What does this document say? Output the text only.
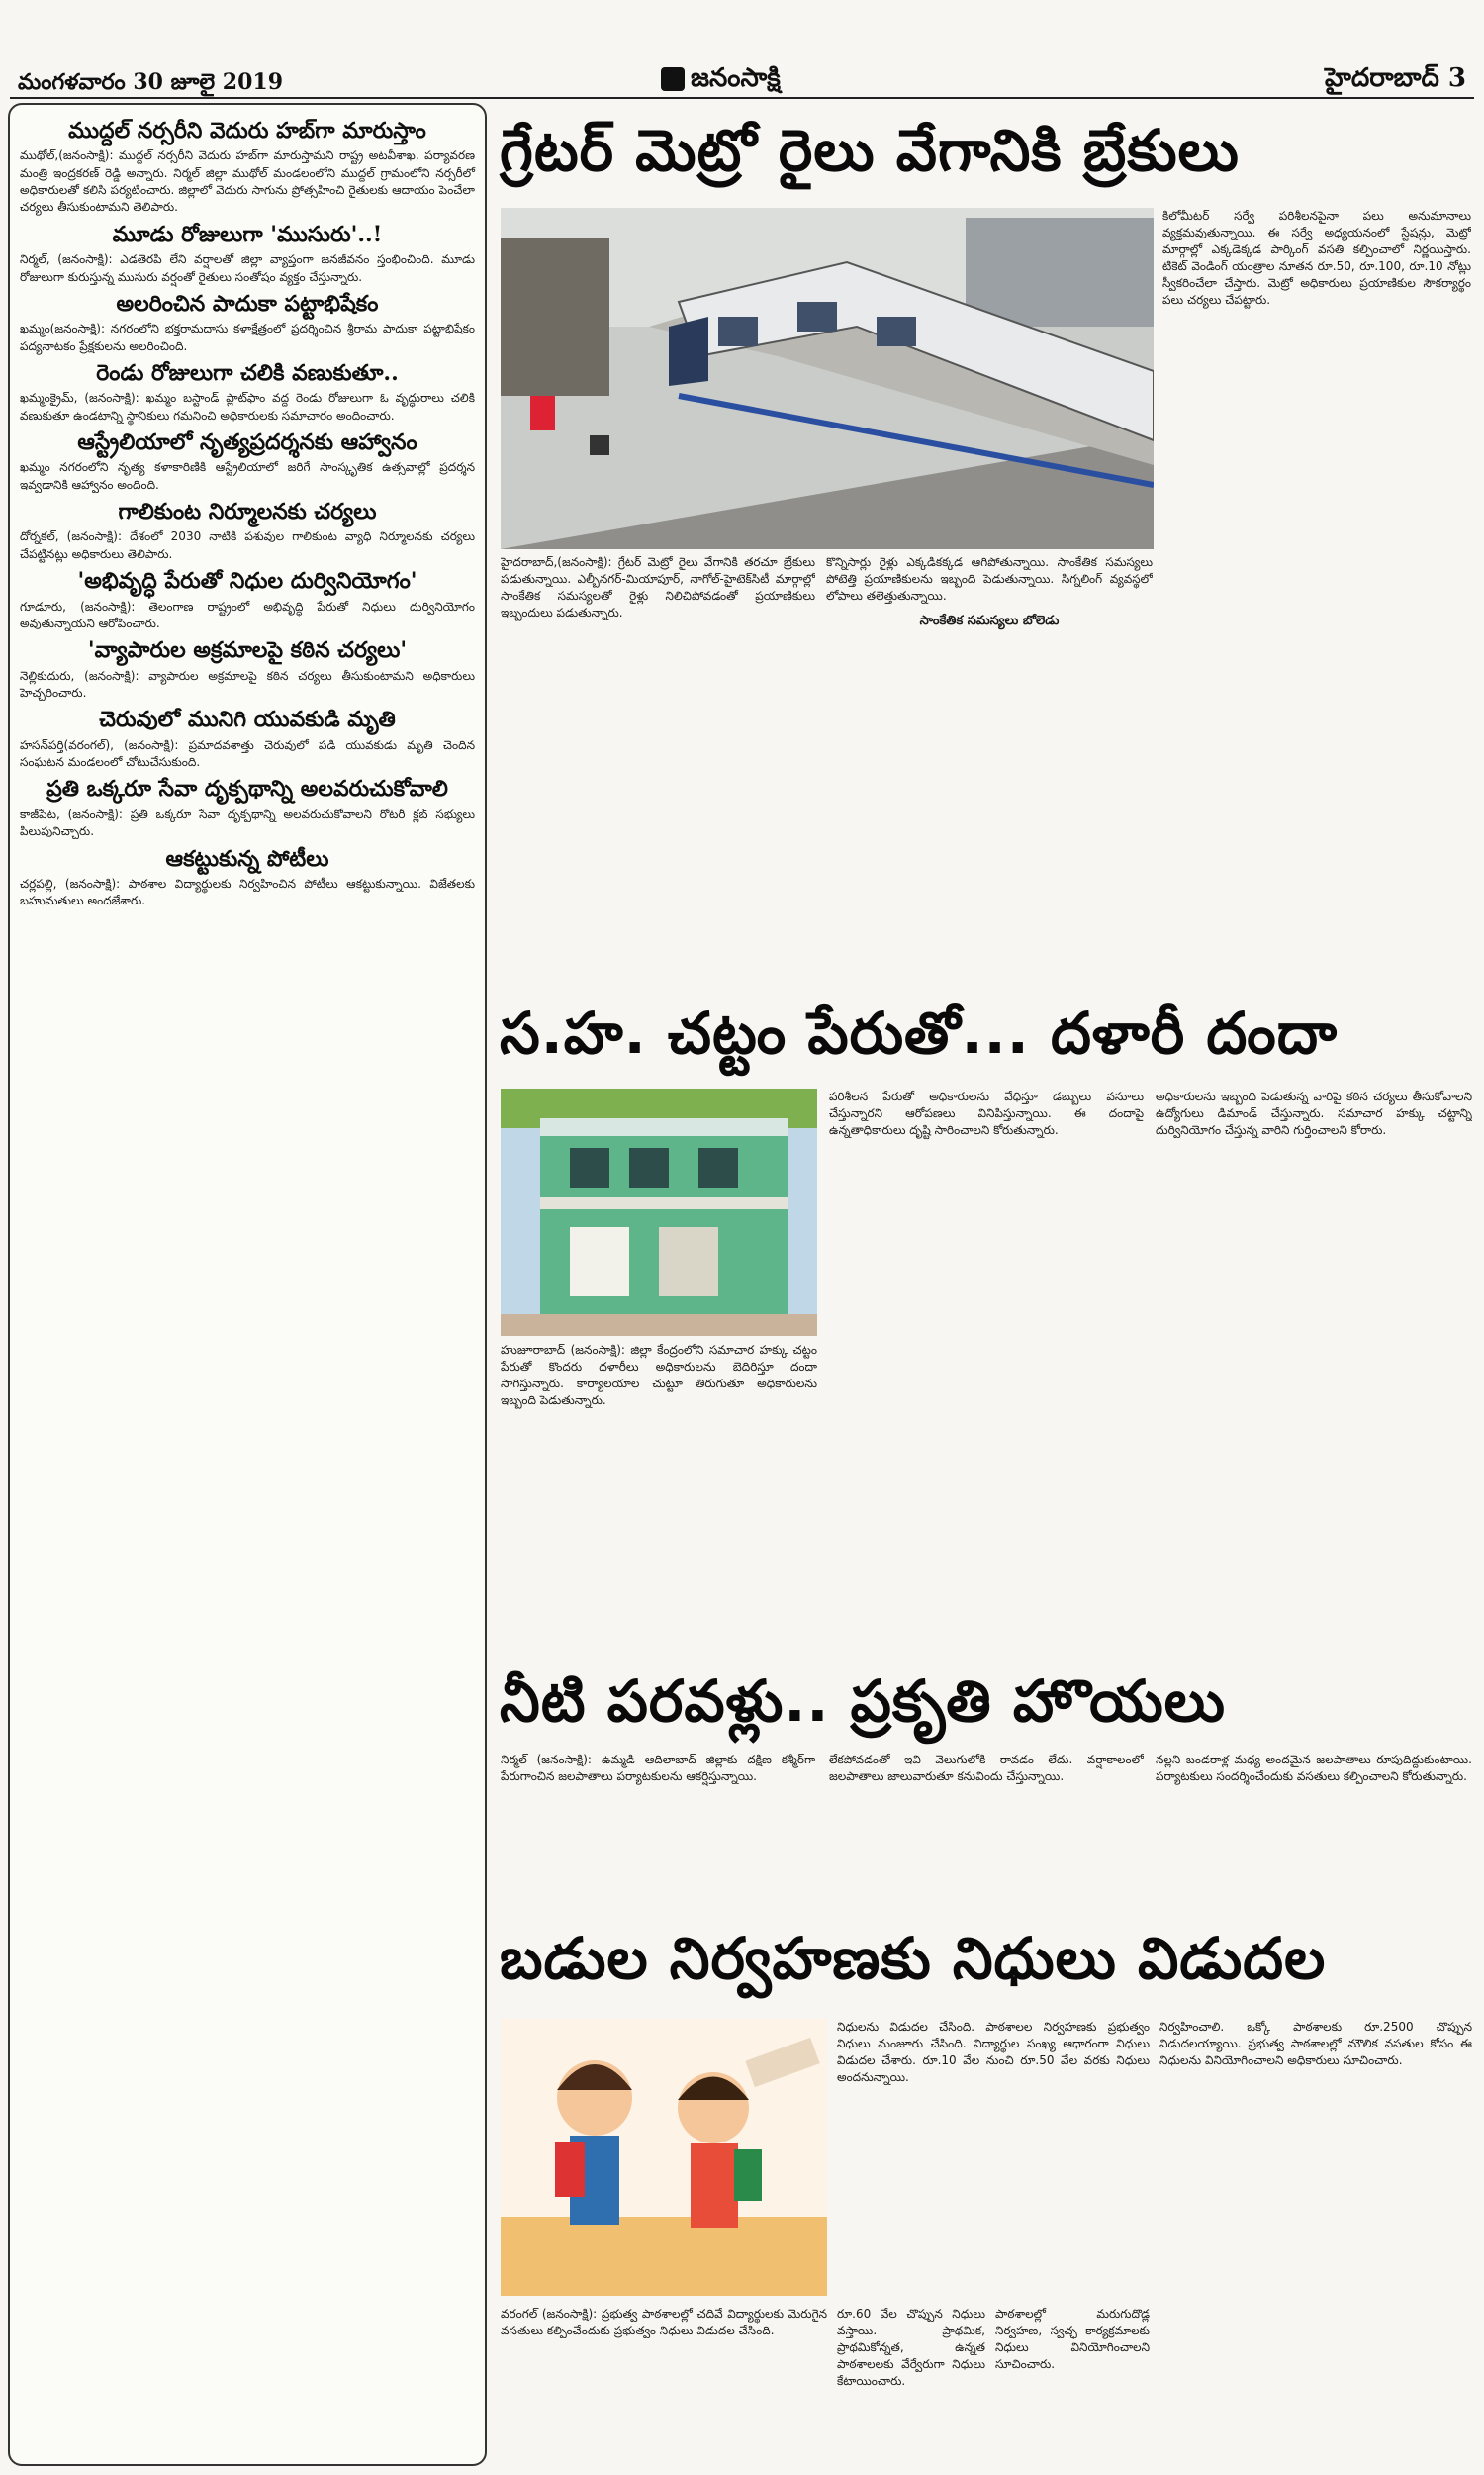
మంగళవారం 30 జూలై 2019	జనంసాక్షి	హైదరాబాద్ 3
ముద్దల్ నర్సరీని వెదురు హబ్‌గా మారుస్తాం

ముథోల్,(జనంసాక్షి): ముద్దల్ నర్సరీని వెదురు హబ్‌గా మారుస్తామని రాష్ట్ర అటవీశాఖ, పర్యావరణ మంత్రి ఇంద్రకరణ్ రెడ్డి అన్నారు. నిర్మల్ జిల్లా ముథోల్ మండలంలోని ముద్దల్ గ్రామంలోని నర్సరీలో అధికారులతో కలిసి పర్యటించారు. జిల్లాలో వెదురు సాగును ప్రోత్సహించి రైతులకు ఆదాయం పెంచేలా చర్యలు తీసుకుంటామని తెలిపారు.

మూడు రోజులుగా 'ముసురు'..!

నిర్మల్, (జనంసాక్షి): ఎడతెరపి లేని వర్షాలతో జిల్లా వ్యాప్తంగా జనజీవనం స్తంభించింది. మూడు రోజులుగా కురుస్తున్న ముసురు వర్షంతో రైతులు సంతోషం వ్యక్తం చేస్తున్నారు.

అలరించిన పాదుకా పట్టాభిషేకం

ఖమ్మం(జనంసాక్షి): నగరంలోని భక్తరామదాసు కళాక్షేత్రంలో ప్రదర్శించిన శ్రీరామ పాదుకా పట్టాభిషేకం పద్యనాటకం ప్రేక్షకులను అలరించింది.

రెండు రోజులుగా చలికి వణుకుతూ..

ఖమ్మంక్రైమ్, (జనంసాక్షి): ఖమ్మం బస్టాండ్ ప్లాట్‌ఫాం వద్ద రెండు రోజులుగా ఓ వృద్ధురాలు చలికి వణుకుతూ ఉండటాన్ని స్థానికులు గమనించి అధికారులకు సమాచారం అందించారు.

ఆస్ట్రేలియాలో నృత్యప్రదర్శనకు ఆహ్వానం

ఖమ్మం నగరంలోని నృత్య కళాకారిణికి ఆస్ట్రేలియాలో జరిగే సాంస్కృతిక ఉత్సవాల్లో ప్రదర్శన ఇవ్వడానికి ఆహ్వానం అందింది.

గాలికుంట నిర్మూలనకు చర్యలు

దోర్నకల్, (జనంసాక్షి): దేశంలో 2030 నాటికి పశువుల గాలికుంట వ్యాధి నిర్మూలనకు చర్యలు చేపట్టినట్లు అధికారులు తెలిపారు.

'అభివృద్ధి పేరుతో నిధుల దుర్వినియోగం'

గూడూరు, (జనంసాక్షి): తెలంగాణ రాష్ట్రంలో అభివృద్ధి పేరుతో నిధులు దుర్వినియోగం అవుతున్నాయని ఆరోపించారు.

'వ్యాపారుల అక్రమాలపై కఠిన చర్యలు'

నెల్లికుదురు, (జనంసాక్షి): వ్యాపారుల అక్రమాలపై కఠిన చర్యలు తీసుకుంటామని అధికారులు హెచ్చరించారు.

చెరువులో మునిగి యువకుడి మృతి

హసన్‌పర్తి(వరంగల్), (జనంసాక్షి): ప్రమాదవశాత్తు చెరువులో పడి యువకుడు మృతి చెందిన సంఘటన మండలంలో చోటుచేసుకుంది.

ప్రతి ఒక్కరూ సేవా దృక్పథాన్ని అలవరుచుకోవాలి

కాజీపేట, (జనంసాక్షి): ప్రతి ఒక్కరూ సేవా దృక్పథాన్ని అలవరుచుకోవాలని రోటరీ క్లబ్ సభ్యులు పిలుపునిచ్చారు.

ఆకట్టుకున్న పోటీలు

చర్లపల్లి, (జనంసాక్షి): పాఠశాల విద్యార్థులకు నిర్వహించిన పోటీలు ఆకట్టుకున్నాయి. విజేతలకు బహుమతులు అందజేశారు.

గ్రేటర్ మెట్రో రైలు వేగానికి బ్రేకులు
కిలోమీటర్ సర్వే పరిశీలనపైనా పలు అనుమానాలు వ్యక్తమవుతున్నాయి. ఈ సర్వే అధ్యయనంలో స్టేషన్లు, మెట్రో మార్గాల్లో ఎక్కడెక్కడ పార్కింగ్ వసతి కల్పించాలో నిర్ణయిస్తారు. టికెట్ వెండింగ్ యంత్రాల నూతన రూ.50, రూ.100, రూ.10 నోట్లు స్వీకరించేలా చేస్తారు. మెట్రో అధికారులు ప్రయాణికుల సౌకర్యార్థం పలు చర్యలు చేపట్టారు.
హైదరాబాద్,(జనంసాక్షి): గ్రేటర్ మెట్రో రైలు వేగానికి తరచూ బ్రేకులు పడుతున్నాయి. ఎల్బీనగర్-మియాపూర్, నాగోల్-హైటెక్‌సిటీ మార్గాల్లో సాంకేతిక సమస్యలతో రైళ్లు నిలిచిపోవడంతో ప్రయాణికులు ఇబ్బందులు పడుతున్నారు.
కొన్నిసార్లు రైళ్లు ఎక్కడికక్కడ ఆగిపోతున్నాయి. సాంకేతిక సమస్యలు పోటెత్తి ప్రయాణికులను ఇబ్బంది పెడుతున్నాయి. సిగ్నలింగ్ వ్యవస్థలో లోపాలు తలెత్తుతున్నాయి.
సాంకేతిక సమస్యలు బోలెడు
స.హ. చట్టం పేరుతో... దళారీ దందా
హుజూరాబాద్ (జనంసాక్షి): జిల్లా కేంద్రంలోని సమాచార హక్కు చట్టం పేరుతో కొందరు దళారీలు అధికారులను బెదిరిస్తూ దందా సాగిస్తున్నారు. కార్యాలయాల చుట్టూ తిరుగుతూ అధికారులను ఇబ్బంది పెడుతున్నారు.
పరిశీలన పేరుతో అధికారులను వేధిస్తూ డబ్బులు వసూలు చేస్తున్నారని ఆరోపణలు వినిపిస్తున్నాయి. ఈ దందాపై ఉన్నతాధికారులు దృష్టి సారించాలని కోరుతున్నారు.
అధికారులను ఇబ్బంది పెడుతున్న వారిపై కఠిన చర్యలు తీసుకోవాలని ఉద్యోగులు డిమాండ్ చేస్తున్నారు. సమాచార హక్కు చట్టాన్ని దుర్వినియోగం చేస్తున్న వారిని గుర్తించాలని కోరారు.
నీటి పరవళ్లు.. ప్రకృతి హొయలు
నిర్మల్ (జనంసాక్షి): ఉమ్మడి ఆదిలాబాద్ జిల్లాకు దక్షిణ కశ్మీర్‌గా పేరుగాంచిన జలపాతాలు పర్యాటకులను ఆకర్షిస్తున్నాయి.
లేకపోవడంతో ఇవి వెలుగులోకి రావడం లేదు. వర్షాకాలంలో జలపాతాలు జాలువారుతూ కనువిందు చేస్తున్నాయి.
నల్లని బండరాళ్ల మధ్య అందమైన జలపాతాలు రూపుదిద్దుకుంటాయి. పర్యాటకులు సందర్శించేందుకు వసతులు కల్పించాలని కోరుతున్నారు.
బడుల నిర్వహణకు నిధులు విడుదల
నిధులను విడుదల చేసింది. పాఠశాలల నిర్వహణకు ప్రభుత్వం నిధులు మంజూరు చేసింది. విద్యార్థుల సంఖ్య ఆధారంగా నిధులు విడుదల చేశారు. రూ.10 వేల నుంచి రూ.50 వేల వరకు నిధులు అందనున్నాయి.
నిర్వహించాలి. ఒక్కో పాఠశాలకు రూ.2500 చొప్పున విడుదలయ్యాయి. ప్రభుత్వ పాఠశాలల్లో మౌలిక వసతుల కోసం ఈ నిధులను వినియోగించాలని అధికారులు సూచించారు.
వరంగల్ (జనంసాక్షి): ప్రభుత్వ పాఠశాలల్లో చదివే విద్యార్థులకు మెరుగైన వసతులు కల్పించేందుకు ప్రభుత్వం నిధులు విడుదల చేసింది.
రూ.60 వేల చొప్పున నిధులు వస్తాయి. ప్రాథమిక, ప్రాథమికోన్నత, ఉన్నత పాఠశాలలకు వేర్వేరుగా నిధులు కేటాయించారు.
పాఠశాలల్లో మరుగుదొడ్ల నిర్వహణ, స్వచ్ఛ కార్యక్రమాలకు నిధులు వినియోగించాలని సూచించారు.
